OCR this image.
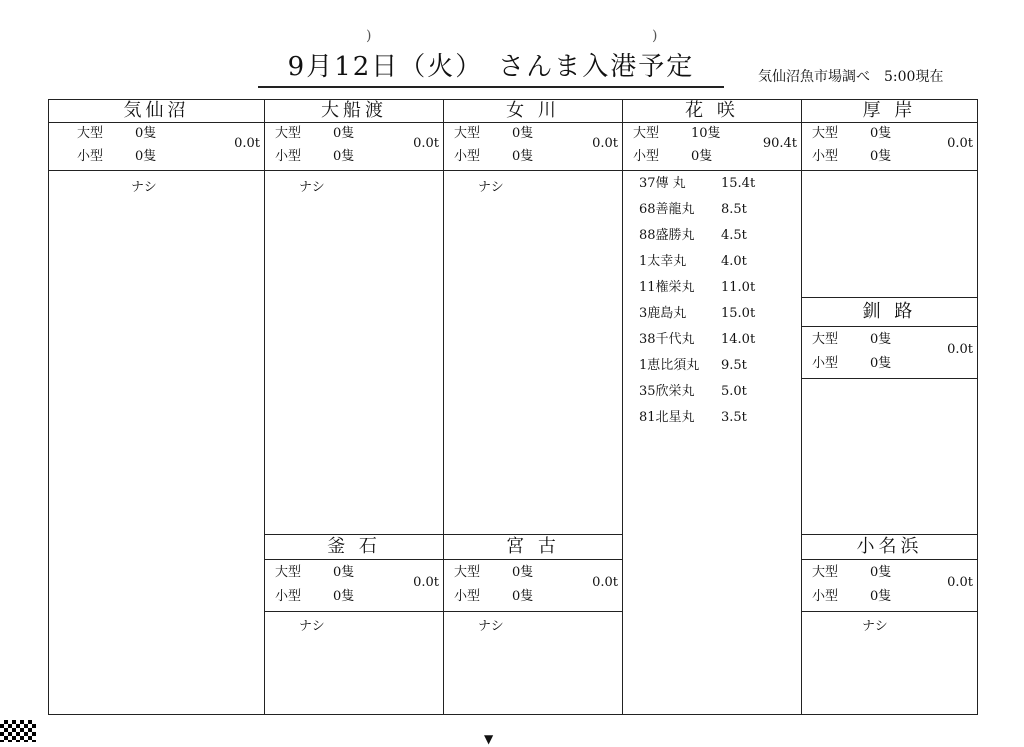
)	)
9月12日（火）　さんま入港予定	気仙沼魚市場調べ　5:00現在
気仙沼
大型 0隻
小型 0隻
0.0t
ナシ
大船渡
大型 0隻
小型 0隻
0.0t
ナシ
女 川
大型 0隻
小型 0隻
0.0t
ナシ
花 咲
大型 10隻
小型 0隻
90.4t
37傳 丸	15.4t
68善龍丸 8.5t
88盛勝丸 4.5t
1太幸丸	4.0t
11権栄丸 11.0t
3鹿島丸	15.0t
38千代丸 14.0t
1恵比須丸 9.5t
35欣栄丸 5.0t
81北星丸 3.5t
厚 岸
大型 0隻
小型 0隻
0.0t
釧 路
大型 0隻
小型 0隻
0.0t
釜 石
大型 0隻
小型 0隻
0.0t
ナシ
宮 古
大型 0隻
小型 0隻
0.0t
ナシ
小名浜
大型 0隻
小型 0隻
0.0t
ナシ
▼
